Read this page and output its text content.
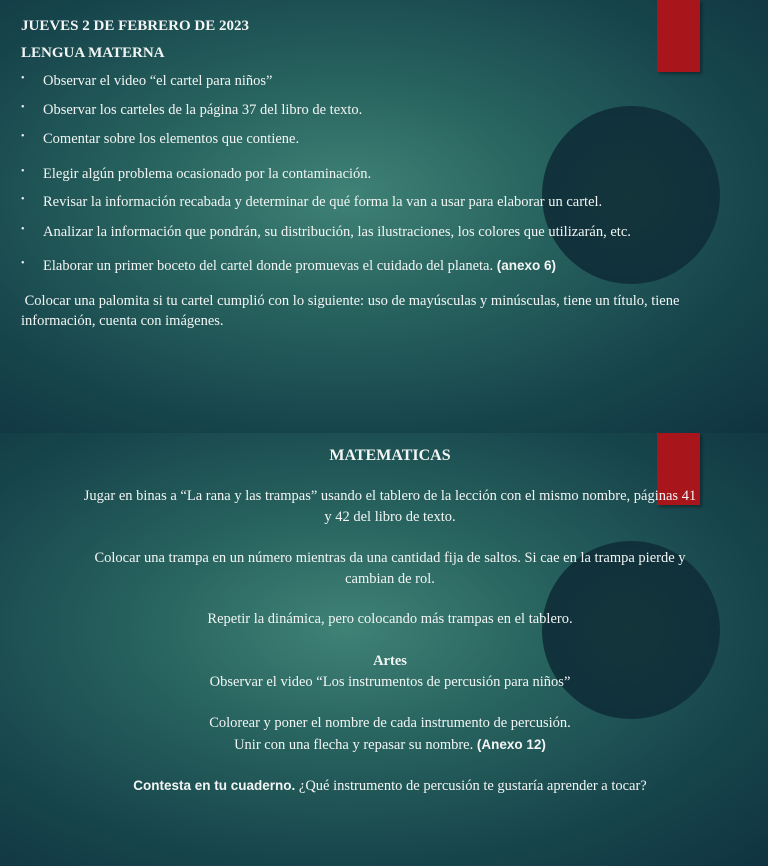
JUEVES 2 DE FEBRERO DE 2023
LENGUA MATERNA
• Observar el video “el cartel para niños”
• Observar los carteles de la página 37 del libro de texto.
• Comentar sobre los elementos que contiene.
• Elegir algún problema ocasionado por la contaminación.
• Revisar la información recabada y determinar de qué forma la van a usar para elaborar un cartel.
• Analizar la información que pondrán, su distribución, las ilustraciones, los colores que utilizarán, etc.
• Elaborar un primer boceto del cartel donde promuevas el cuidado del planeta. (anexo 6)
Colocar una palomita si tu cartel cumplió con lo siguiente: uso de mayúsculas y minúsculas, tiene un título, tiene información, cuenta con imágenes.
MATEMATICAS
Jugar en binas a “La rana y las trampas” usando el tablero de la lección con el mismo nombre, páginas 41 y 42 del libro de texto.
Colocar una trampa en un número mientras da una cantidad fija de saltos. Si cae en la trampa pierde y cambian de rol.
Repetir la dinámica, pero colocando más trampas en el tablero.
Artes
Observar el video “Los instrumentos de percusión para niños”
Colorear y poner el nombre de cada instrumento de percusión.
Unir con una flecha y repasar su nombre. (Anexo 12)
Contesta en tu cuaderno. ¿Qué instrumento de percusión te gustaría aprender a tocar?
